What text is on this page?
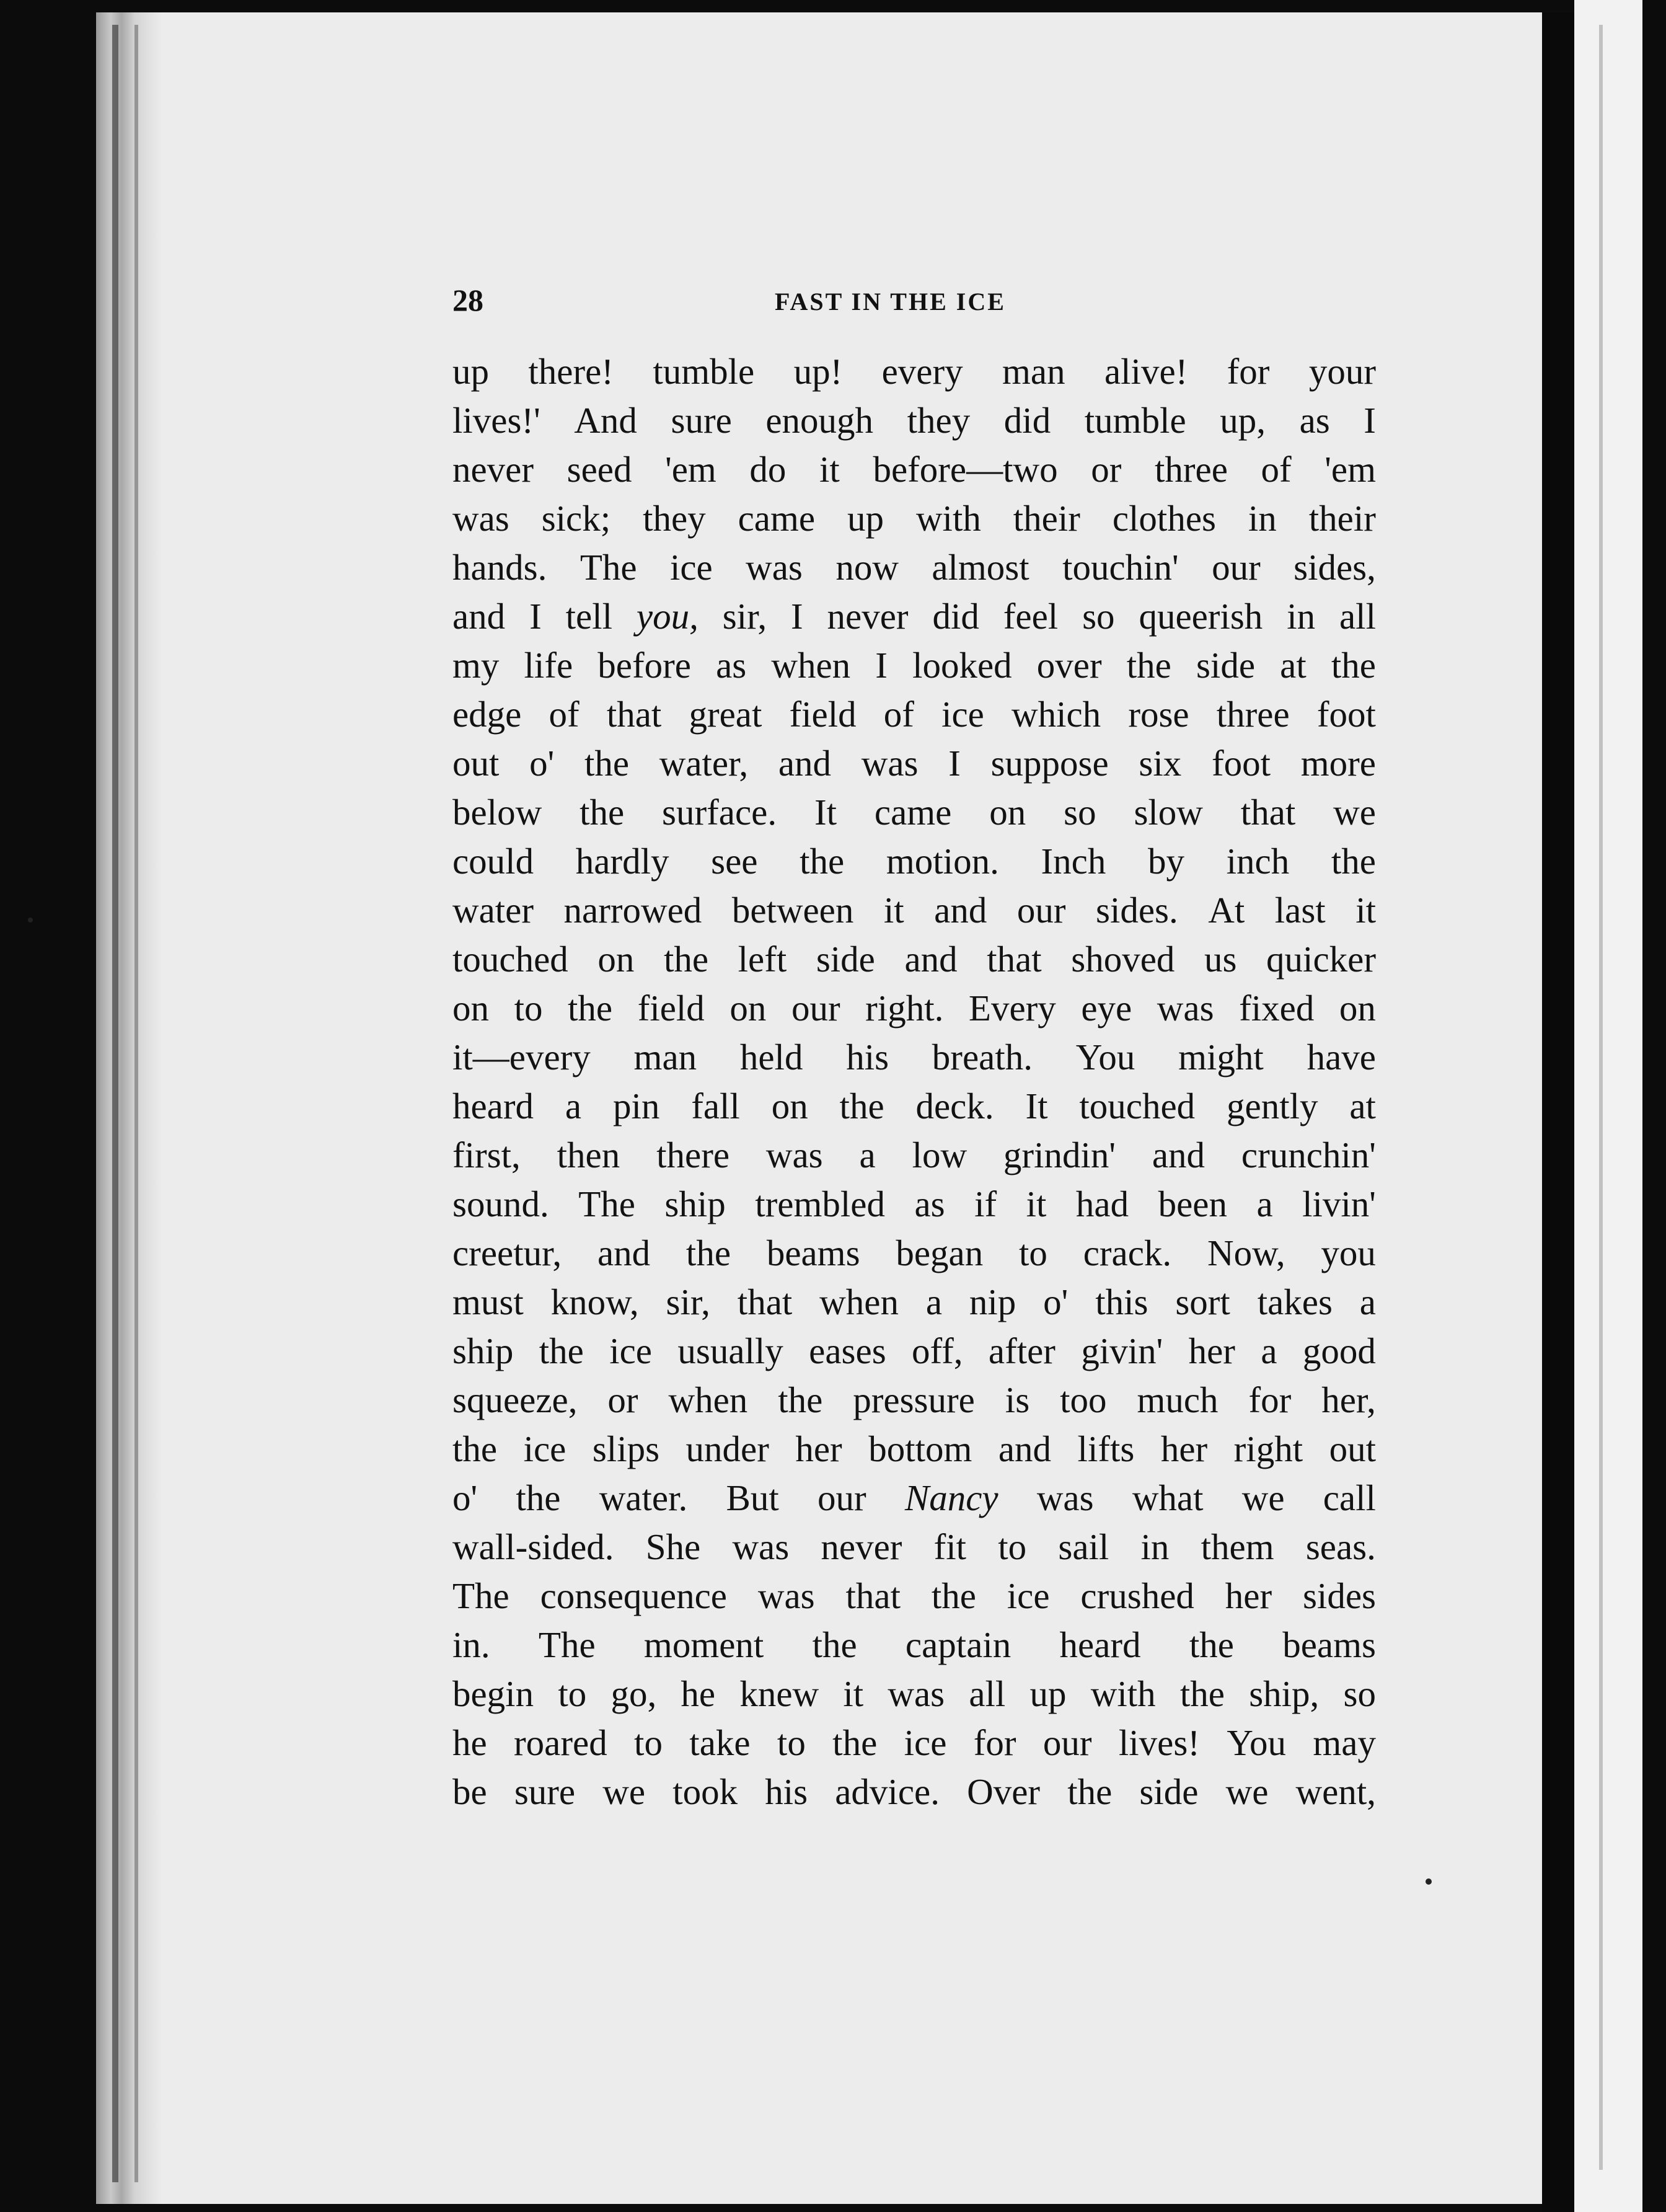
28	FAST IN THE ICE
up there! tumble up! every man alive! for your
lives!' And sure enough they did tumble up, as I
never seed 'em do it before—two or three of 'em
was sick; they came up with their clothes in their
hands. The ice was now almost touchin' our sides,
and I tell you, sir, I never did feel so queerish in all
my life before as when I looked over the side at the
edge of that great field of ice which rose three foot
out o' the water, and was I suppose six foot more
below the surface. It came on so slow that we
could hardly see the motion. Inch by inch the
water narrowed between it and our sides. At last it
touched on the left side and that shoved us quicker
on to the field on our right. Every eye was fixed on
it—every man held his breath. You might have
heard a pin fall on the deck. It touched gently at
first, then there was a low grindin' and crunchin'
sound. The ship trembled as if it had been a livin'
creetur, and the beams began to crack. Now, you
must know, sir, that when a nip o' this sort takes a
ship the ice usually eases off, after givin' her a good
squeeze, or when the pressure is too much for her,
the ice slips under her bottom and lifts her right out
o' the water. But our Nancy was what we call
wall-sided. She was never fit to sail in them seas.
The consequence was that the ice crushed her sides
in. The moment the captain heard the beams
begin to go, he knew it was all up with the ship, so
he roared to take to the ice for our lives! You may
be sure we took his advice. Over the side we went,
